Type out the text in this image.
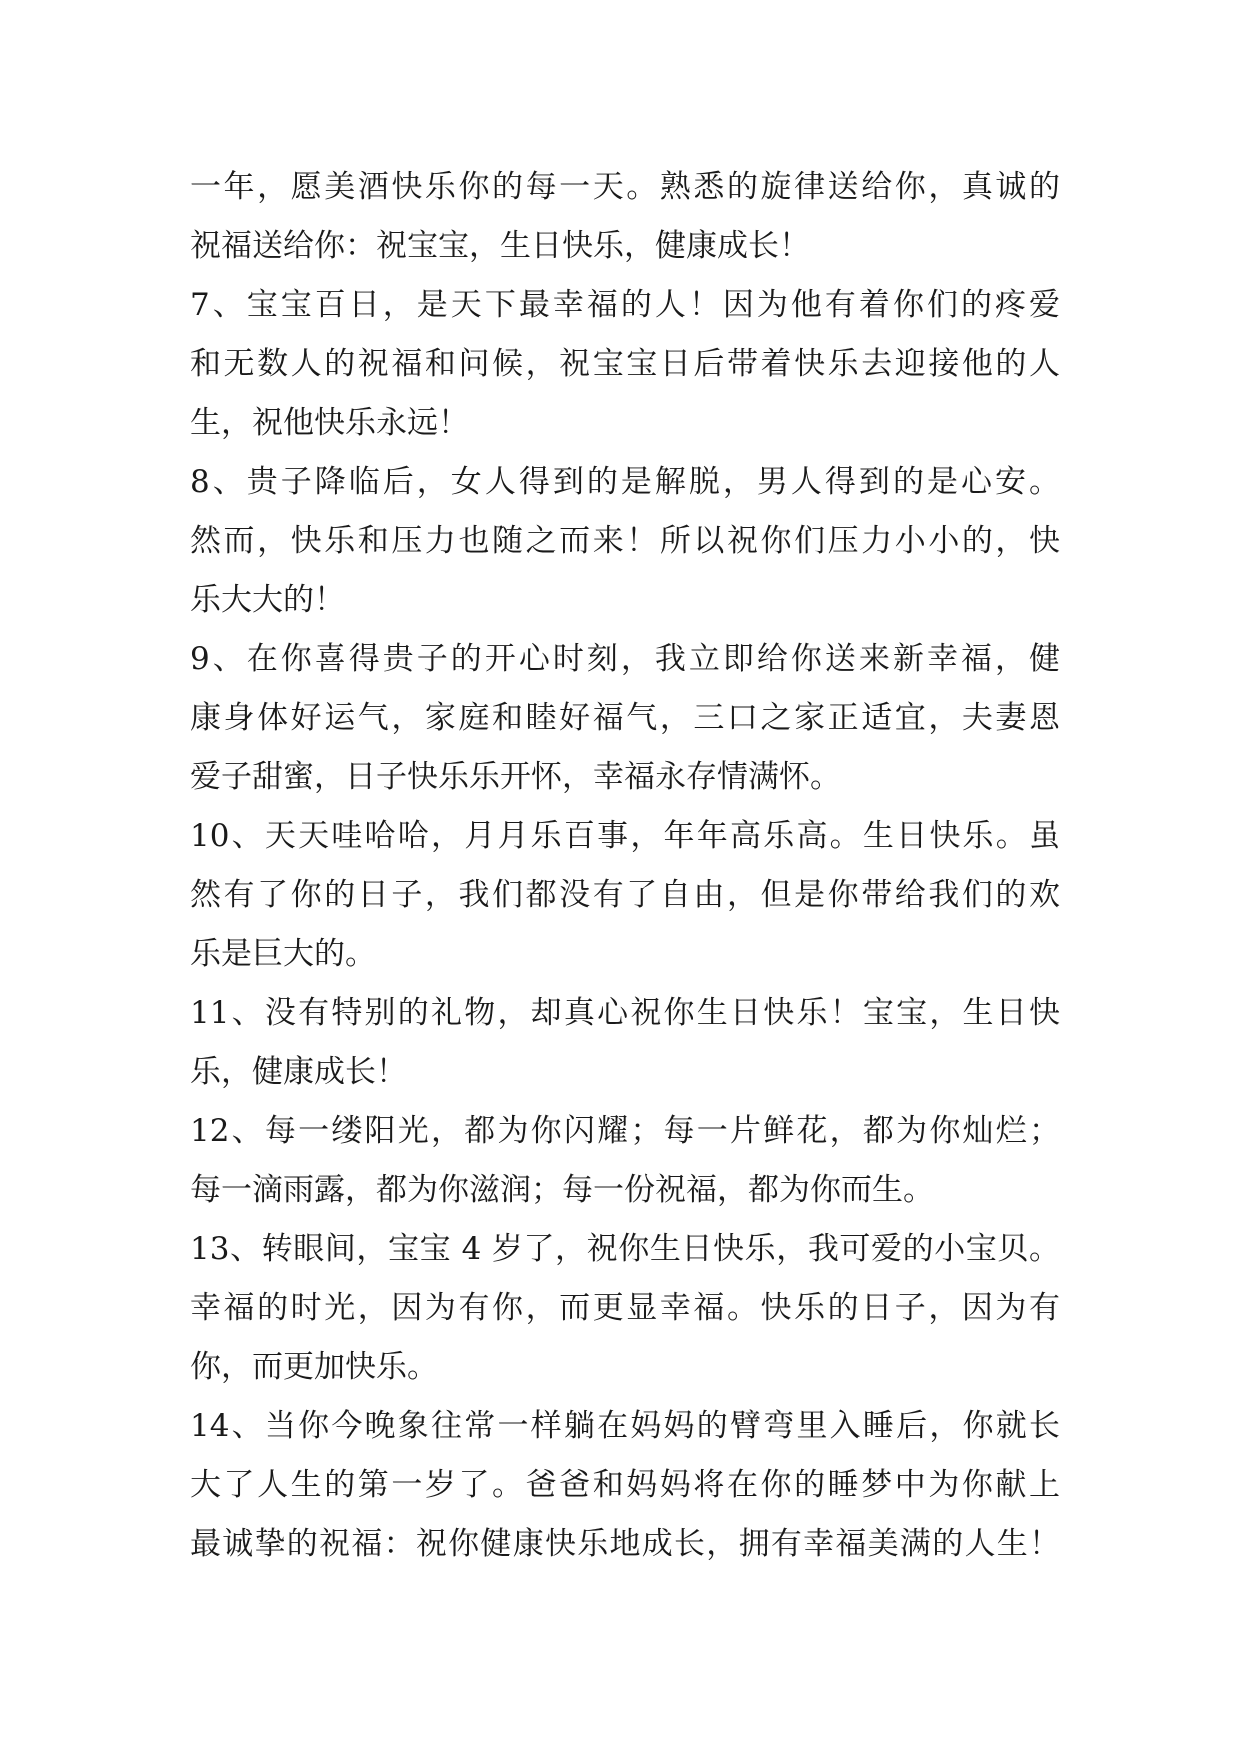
一年，愿美酒快乐你的每一天。熟悉的旋律送给你，真诚的
祝福送给你：祝宝宝，生日快乐，健康成长！
7、宝宝百日，是天下最幸福的人！因为他有着你们的疼爱
和无数人的祝福和问候，祝宝宝日后带着快乐去迎接他的人
生，祝他快乐永远！
8、贵子降临后，女人得到的是解脱，男人得到的是心安。
然而，快乐和压力也随之而来！所以祝你们压力小小的，快
乐大大的！
9、在你喜得贵子的开心时刻，我立即给你送来新幸福，健
康身体好运气，家庭和睦好福气，三口之家正适宜，夫妻恩
爱子甜蜜，日子快乐乐开怀，幸福永存情满怀。
10、天天哇哈哈，月月乐百事，年年高乐高。生日快乐。虽
然有了你的日子，我们都没有了自由，但是你带给我们的欢
乐是巨大的。
11、没有特别的礼物，却真心祝你生日快乐！宝宝，生日快
乐，健康成长！
12、每一缕阳光，都为你闪耀；每一片鲜花，都为你灿烂；
每一滴雨露，都为你滋润；每一份祝福，都为你而生。
13、转眼间，宝宝 4 岁了，祝你生日快乐，我可爱的小宝贝。
幸福的时光，因为有你，而更显幸福。快乐的日子，因为有
你，而更加快乐。
14、当你今晚象往常一样躺在妈妈的臂弯里入睡后，你就长
大了人生的第一岁了。爸爸和妈妈将在你的睡梦中为你献上
最诚挚的祝福：祝你健康快乐地成长，拥有幸福美满的人生！
